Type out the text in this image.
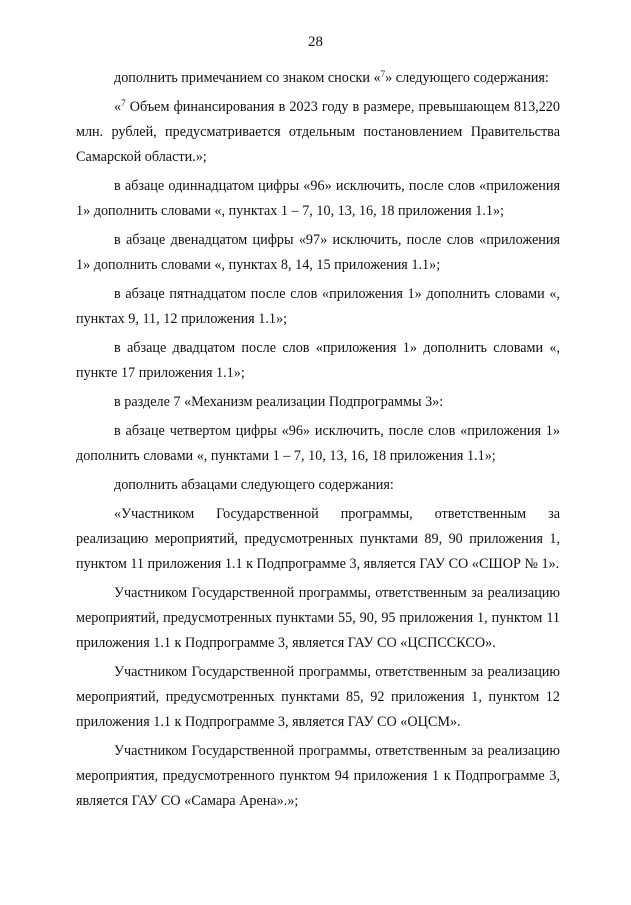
28

дополнить примечанием со знаком сноски «$^7$» следующего содержания:

«$^7$ Объем финансирования в 2023 году в размере, превышающем 813,220 млн. рублей, предусматривается отдельным постановлением Правительства Самарской области.»;

в абзаце одиннадцатом цифры «96» исключить, после слов «приложения 1» дополнить словами «, пунктах 1 – 7, 10, 13, 16, 18 приложения 1.1»;

в абзаце двенадцатом цифры «97» исключить, после слов «приложения 1» дополнить словами «, пунктах 8, 14, 15 приложения 1.1»;

в абзаце пятнадцатом после слов «приложения 1» дополнить словами «, пунктах 9, 11, 12 приложения 1.1»;

в абзаце двадцатом после слов «приложения 1» дополнить словами «, пункте 17 приложения 1.1»;

в разделе 7 «Механизм реализации Подпрограммы 3»:

в абзаце четвертом цифры «96» исключить, после слов «приложения 1» дополнить словами «, пунктами 1 – 7, 10, 13, 16, 18 приложения 1.1»;

дополнить абзацами следующего содержания:

«Участником Государственной программы, ответственным за реализацию мероприятий, предусмотренных пунктами 89, 90 приложения 1, пунктом 11 приложения 1.1 к Подпрограмме 3, является ГАУ СО «СШОР № 1».

Участником Государственной программы, ответственным за реализацию мероприятий, предусмотренных пунктами 55, 90, 95 приложения 1, пунктом 11 приложения 1.1 к Подпрограмме 3, является ГАУ СО «ЦСПССКСО».

Участником Государственной программы, ответственным за реализацию мероприятий, предусмотренных пунктами 85, 92 приложения 1, пунктом 12 приложения 1.1 к Подпрограмме 3, является ГАУ СО «ОЦСМ».

Участником Государственной программы, ответственным за реализацию мероприятия, предусмотренного пунктом 94 приложения 1 к Подпрограмме 3, является ГАУ СО «Самара Арена».»;
